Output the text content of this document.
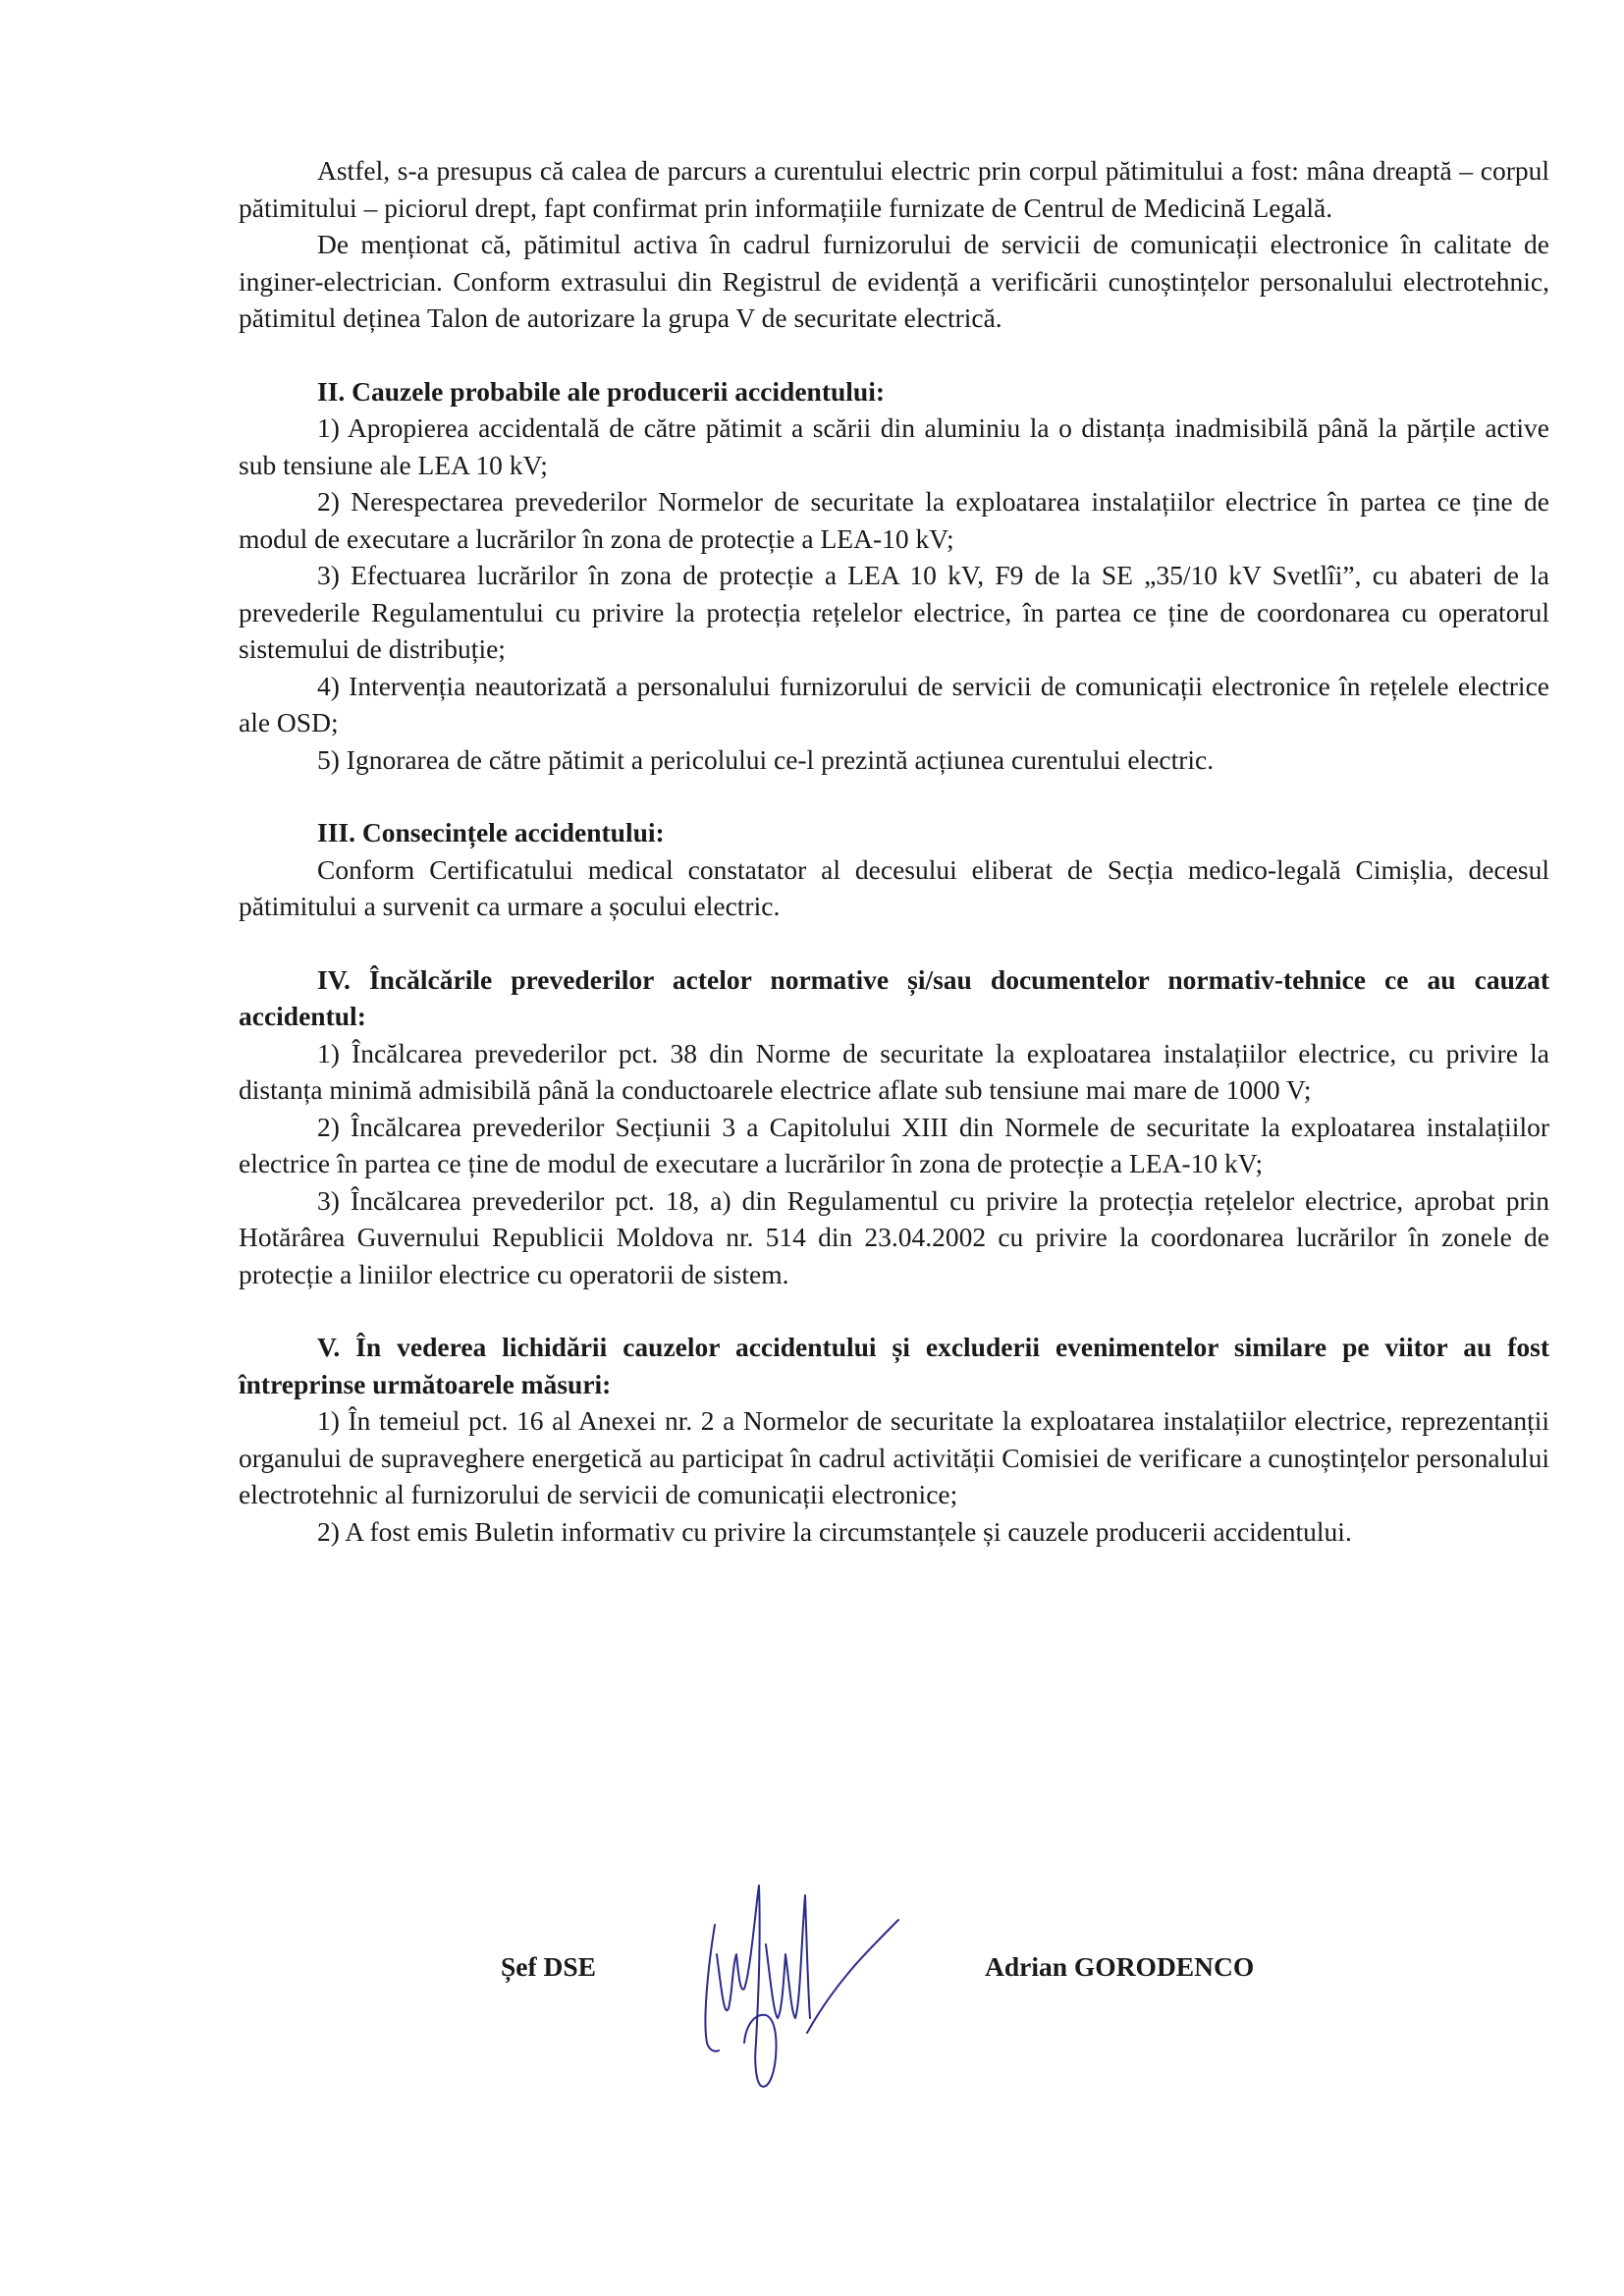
Astfel, s-a presupus că calea de parcurs a curentului electric prin corpul pătimitului a fost: mâna dreaptă – corpul pătimitului – piciorul drept, fapt confirmat prin informațiile furnizate de Centrul de Medicină Legală.

De menționat că, pătimitul activa în cadrul furnizorului de servicii de comunicații electronice în calitate de inginer-electrician. Conform extrasului din Registrul de evidență a verificării cunoștințelor personalului electrotehnic, pătimitul deținea Talon de autorizare la grupa V de securitate electrică.

II. Cauzele probabile ale producerii accidentului:

1) Apropierea accidentală de către pătimit a scării din aluminiu la o distanța inadmisibilă până la părțile active sub tensiune ale LEA 10 kV;

2) Nerespectarea prevederilor Normelor de securitate la exploatarea instalațiilor electrice în partea ce ține de modul de executare a lucrărilor în zona de protecție a LEA-10 kV;

3) Efectuarea lucrărilor în zona de protecție a LEA 10 kV, F9 de la SE „35/10 kV Svetlîi”, cu abateri de la prevederile Regulamentului cu privire la protecția rețelelor electrice, în partea ce ține de coordonarea cu operatorul sistemului de distribuție;

4) Intervenția neautorizată a personalului furnizorului de servicii de comunicații electronice în rețelele electrice ale OSD;

5) Ignorarea de către pătimit a pericolului ce-l prezintă acțiunea curentului electric.

III. Consecințele accidentului:

Conform Certificatului medical constatator al decesului eliberat de Secția medico-legală Cimișlia, decesul pătimitului a survenit ca urmare a șocului electric.

IV. Încălcările prevederilor actelor normative și/sau documentelor normativ-tehnice ce au cauzat accidentul:

1) Încălcarea prevederilor pct. 38 din Norme de securitate la exploatarea instalațiilor electrice, cu privire la distanța minimă admisibilă până la conductoarele electrice aflate sub tensiune mai mare de 1000 V;

2) Încălcarea prevederilor Secțiunii 3 a Capitolului XIII din Normele de securitate la exploatarea instalațiilor electrice în partea ce ține de modul de executare a lucrărilor în zona de protecție a LEA-10 kV;

3) Încălcarea prevederilor pct. 18, a) din Regulamentul cu privire la protecția rețelelor electrice, aprobat prin Hotărârea Guvernului Republicii Moldova nr. 514 din 23.04.2002 cu privire la coordonarea lucrărilor în zonele de protecție a liniilor electrice cu operatorii de sistem.

V. În vederea lichidării cauzelor accidentului și excluderii evenimentelor similare pe viitor au fost întreprinse următoarele măsuri:

1) În temeiul pct. 16 al Anexei nr. 2 a Normelor de securitate la exploatarea instalațiilor electrice, reprezentanții organului de supraveghere energetică au participat în cadrul activității Comisiei de verificare a cunoștințelor personalului electrotehnic al furnizorului de servicii de comunicații electronice;

2) A fost emis Buletin informativ cu privire la circumstanțele și cauzele producerii accidentului.

Șef DSE	Adrian GORODENCO
